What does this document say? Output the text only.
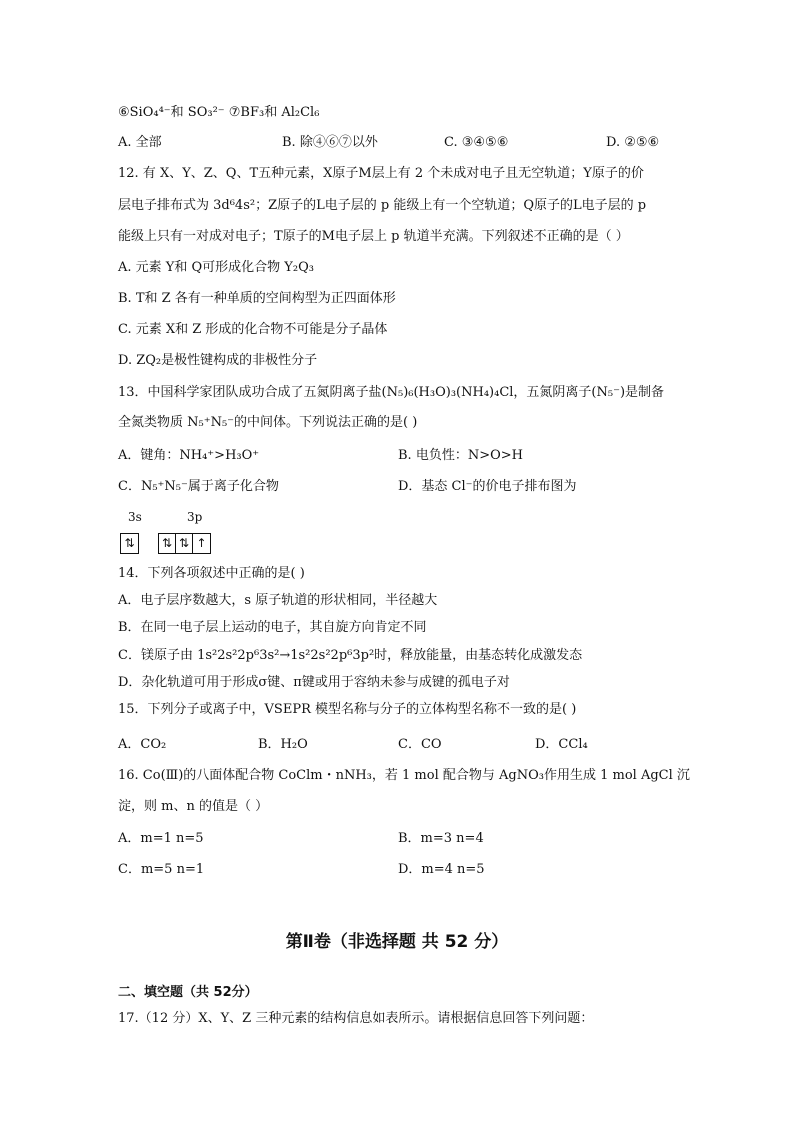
⑥SiO₄⁴⁻和 SO₃²⁻ ⑦BF₃和 Al₂Cl₆
A. 全部	B. 除④⑥⑦以外	C. ③④⑤⑥	D. ②⑤⑥
12. 有 X、Y、Z、Q、T五种元素，X原子M层上有 2 个未成对电子且无空轨道；Y原子的价
层电子排布式为 3d⁶4s²；Z原子的L电子层的 p 能级上有一个空轨道；Q原子的L电子层的 p
能级上只有一对成对电子；T原子的M电子层上 p 轨道半充满。下列叙述不正确的是（ ）
A. 元素 Y和 Q可形成化合物 Y₂Q₃
B. T和 Z 各有一种单质的空间构型为正四面体形
C. 元素 X和 Z 形成的化合物不可能是分子晶体
D. ZQ₂是极性键构成的非极性分子
13．中国科学家团队成功合成了五氮阴离子盐(N₅)₆(H₃O)₃(NH₄)₄Cl，五氮阴离子(N₅⁻)是制备
全氮类物质 N₅⁺N₅⁻的中间体。下列说法正确的是( )
A．键角：NH₄⁺>H₃O⁺	B. 电负性：N>O>H
C．N₅⁺N₅⁻属于离子化合物	D．基态 Cl⁻的价电子排布图为
3s	3p
⇅ ⇅ ⇅ ↑
14．下列各项叙述中正确的是( )
A．电子层序数越大，s 原子轨道的形状相同，半径越大
B．在同一电子层上运动的电子，其自旋方向肯定不同
C．镁原子由 1s²2s²2p⁶3s²→1s²2s²2p⁶3p²时，释放能量，由基态转化成激发态
D．杂化轨道可用于形成σ键、π键或用于容纳未参与成键的孤电子对
15．下列分子或离子中，VSEPR 模型名称与分子的立体构型名称不一致的是( )
A．CO₂	B．H₂O	C．CO	D．CCl₄
16. Co(Ⅲ)的八面体配合物 CoClm・nNH₃，若 1 mol 配合物与 AgNO₃作用生成 1 mol AgCl 沉
淀，则 m、n 的值是（ ）
A．m=1 n=5	B．m=3 n=4
C．m=5 n=1	D．m=4 n=5
第Ⅱ卷（非选择题 共 52 分）
二、填空题（共 52分）
17.（12 分）X、Y、Z 三种元素的结构信息如表所示。请根据信息回答下列问题：
